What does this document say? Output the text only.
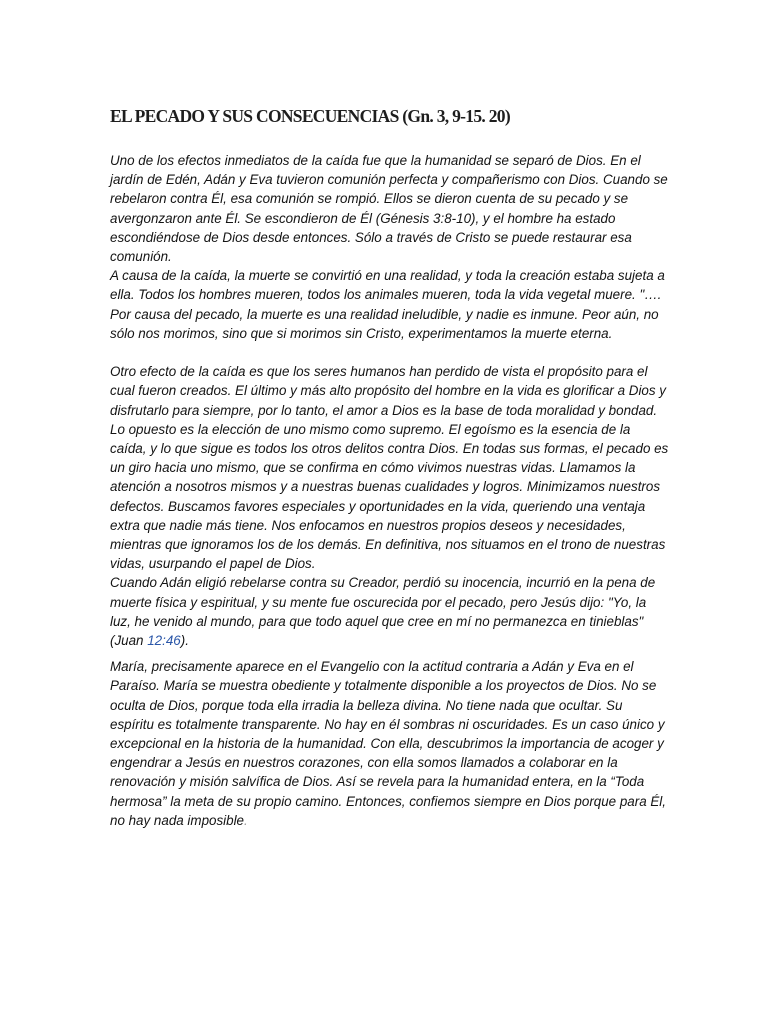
EL PECADO Y SUS CONSECUENCIAS (Gn. 3, 9-15. 20)

Uno de los efectos inmediatos de la caída fue que la humanidad se separó de Dios. En el jardín de Edén, Adán y Eva tuvieron comunión perfecta y compañerismo con Dios. Cuando se rebelaron contra Él, esa comunión se rompió. Ellos se dieron cuenta de su pecado y se avergonzaron ante Él. Se escondieron de Él (Génesis 3:8-10), y el hombre ha estado escondiéndose de Dios desde entonces. Sólo a través de Cristo se puede restaurar esa comunión.

A causa de la caída, la muerte se convirtió en una realidad, y toda la creación estaba sujeta a ella. Todos los hombres mueren, todos los animales mueren, toda la vida vegetal muere. "…. Por causa del pecado, la muerte es una realidad ineludible, y nadie es inmune. Peor aún, no sólo nos morimos, sino que si morimos sin Cristo, experimentamos la muerte eterna.

Otro efecto de la caída es que los seres humanos han perdido de vista el propósito para el cual fueron creados. El último y más alto propósito del hombre en la vida es glorificar a Dios y disfrutarlo para siempre, por lo tanto, el amor a Dios es la base de toda moralidad y bondad. Lo opuesto es la elección de uno mismo como supremo. El egoísmo es la esencia de la caída, y lo que sigue es todos los otros delitos contra Dios. En todas sus formas, el pecado es un giro hacia uno mismo, que se confirma en cómo vivimos nuestras vidas. Llamamos la atención a nosotros mismos y a nuestras buenas cualidades y logros. Minimizamos nuestros defectos. Buscamos favores especiales y oportunidades en la vida, queriendo una ventaja extra que nadie más tiene. Nos enfocamos en nuestros propios deseos y necesidades, mientras que ignoramos los de los demás. En definitiva, nos situamos en el trono de nuestras vidas, usurpando el papel de Dios.

Cuando Adán eligió rebelarse contra su Creador, perdió su inocencia, incurrió en la pena de muerte física y espiritual, y su mente fue oscurecida por el pecado, pero Jesús dijo: "Yo, la luz, he venido al mundo, para que todo aquel que cree en mí no permanezca en tinieblas" (Juan 12:46).

María, precisamente aparece en el Evangelio con la actitud contraria a Adán y Eva en el Paraíso. María se muestra obediente y totalmente disponible a los proyectos de Dios. No se oculta de Dios, porque toda ella irradia la belleza divina. No tiene nada que ocultar. Su espíritu es totalmente transparente. No hay en él sombras ni oscuridades. Es un caso único y excepcional en la historia de la humanidad. Con ella, descubrimos la importancia de acoger y engendrar a Jesús en nuestros corazones, con ella somos llamados a colaborar en la renovación y misión salvífica de Dios. Así se revela para la humanidad entera, en la “Toda hermosa” la meta de su propio camino. Entonces, confiemos siempre en Dios porque para Él, no hay nada imposible.
